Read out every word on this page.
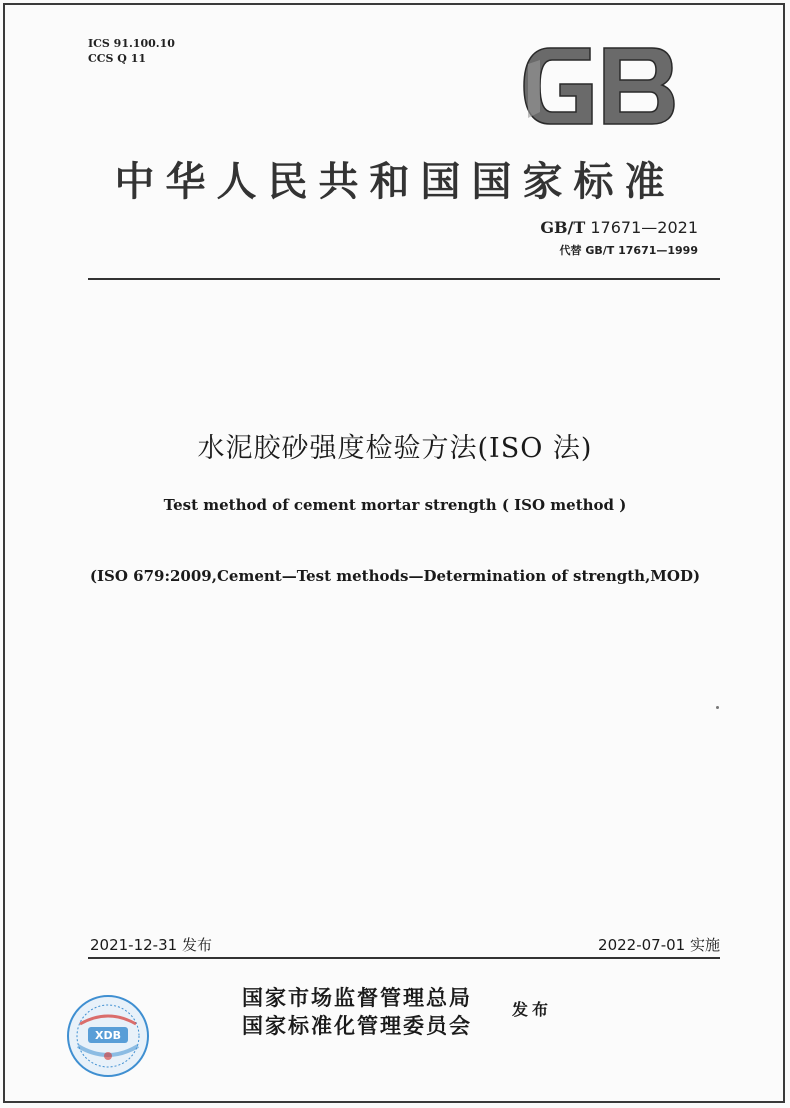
ICS 91.100.10
CCS Q 11
中华人民共和国国家标准
GB/T 17671—2021
代替 GB/T 17671—1999
水泥胶砂强度检验方法(ISO 法)
Test method of cement mortar strength ( ISO method )
(ISO 679:2009,Cement—Test methods—Determination of strength,MOD)
2021-12-31 发布	2022-07-01 实施
XDB
国家市场监督管理总局
国家标准化管理委员会
发布
